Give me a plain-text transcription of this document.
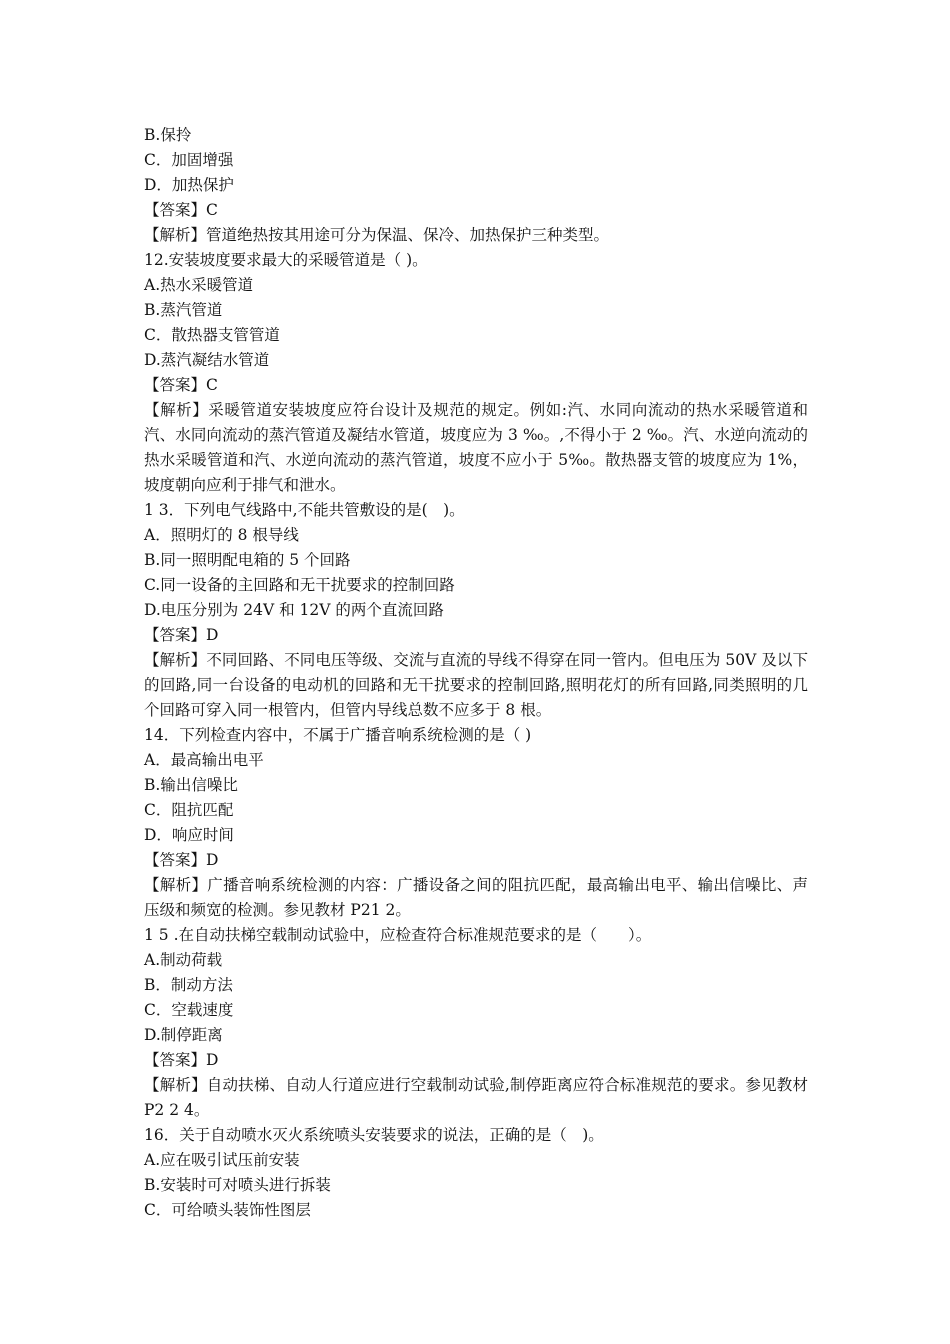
B.保拎
C．加固增强
D．加热保护
【答案】C
【解析】管道绝热按其用途可分为保温、保冷、加热保护三种类型。
12.安装坡度要求最大的采暖管道是（ )。
A.热水采暖管道
B.蒸汽管道
C．散热器支管管道
D.蒸汽凝结水管道
【答案】C
【解析】采暖管道安装坡度应符台设计及规范的规定。例如:汽、水同向流动的热水采暖管道和汽、水同向流动的蒸汽管道及凝结水管道，坡度应为 3 ‰。,不得小于 2 ‰。汽、水逆向流动的热水采暖管道和汽、水逆向流动的蒸汽管道，坡度不应小于 5‰。散热器支管的坡度应为 1%，坡度朝向应利于排气和泄水。
1 3．下列电气线路中,不能共管敷设的是(　)。
A．照明灯的 8 根导线
B.同一照明配电箱的 5 个回路
C.同一设备的主回路和无干扰要求的控制回路
D.电压分别为 24V 和 12V 的两个直流回路
【答案】D
【解析】不同回路、不同电压等级、交流与直流的导线不得穿在同一管内。但电压为 50V 及以下的回路,同一台设备的电动机的回路和无干扰要求的控制回路,照明花灯的所有回路,同类照明的几个回路可穿入同一根管内，但管内导线总数不应多于 8 根。
14．下列检查内容中，不属于广播音响系统检测的是（ )
A．最高输出电平
B.输出信噪比
C．阻抗匹配
D．响应时间
【答案】D
【解析】广播音响系统检测的内容：广播设备之间的阻抗匹配，最高输出电平、输出信噪比、声压级和频宽的检测。参见教材 P21 2。
1 5 .在自动扶梯空载制动试验中，应检查符合标准规范要求的是（　　）。
A.制动荷载
B．制动方法
C．空载速度
D.制停距离
【答案】D
【解析】自动扶梯、自动人行道应进行空载制动试验,制停距离应符合标准规范的要求。参见教材 P2 2 4。
16．关于自动喷水灭火系统喷头安装要求的说法，正确的是（　)。
A.应在吸引试压前安装
B.安装时可对喷头进行拆装
C．可给喷头装饰性图层
